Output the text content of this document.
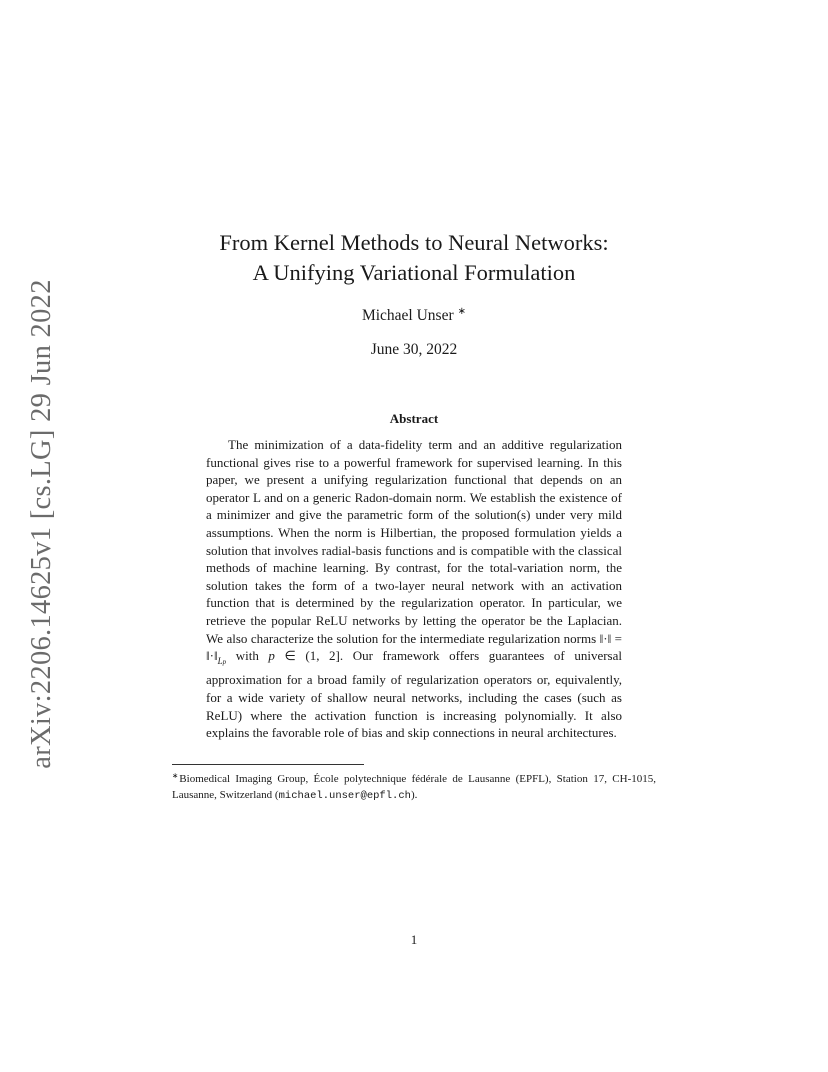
arXiv:2206.14625v1 [cs.LG] 29 Jun 2022
From Kernel Methods to Neural Networks:
A Unifying Variational Formulation
Michael Unser ∗
June 30, 2022
Abstract
The minimization of a data-fidelity term and an additive regularization functional gives rise to a powerful framework for supervised learning. In this paper, we present a unifying regularization functional that depends on an operator L and on a generic Radon-domain norm. We establish the existence of a minimizer and give the parametric form of the solution(s) under very mild assumptions. When the norm is Hilbertian, the proposed formulation yields a solution that involves radial-basis functions and is compatible with the classical methods of machine learning. By contrast, for the total-variation norm, the solution takes the form of a two-layer neural network with an activation function that is determined by the regularization operator. In particular, we retrieve the popular ReLU networks by letting the operator be the Laplacian. We also characterize the solution for the intermediate regularization norms ‖·‖ = $‖\cdot‖_{Lp}$ with p ∈ (1, 2]. Our framework offers guarantees of universal approximation for a broad family of regularization operators or, equivalently, for a wide variety of shallow neural networks, including the cases (such as ReLU) where the activation function is increasing polynomially. It also explains the favorable role of bias and skip connections in neural architectures.
∗Biomedical Imaging Group, École polytechnique fédérale de Lausanne (EPFL), Station 17, CH-1015, Lausanne, Switzerland (michael.unser@epfl.ch).
1
